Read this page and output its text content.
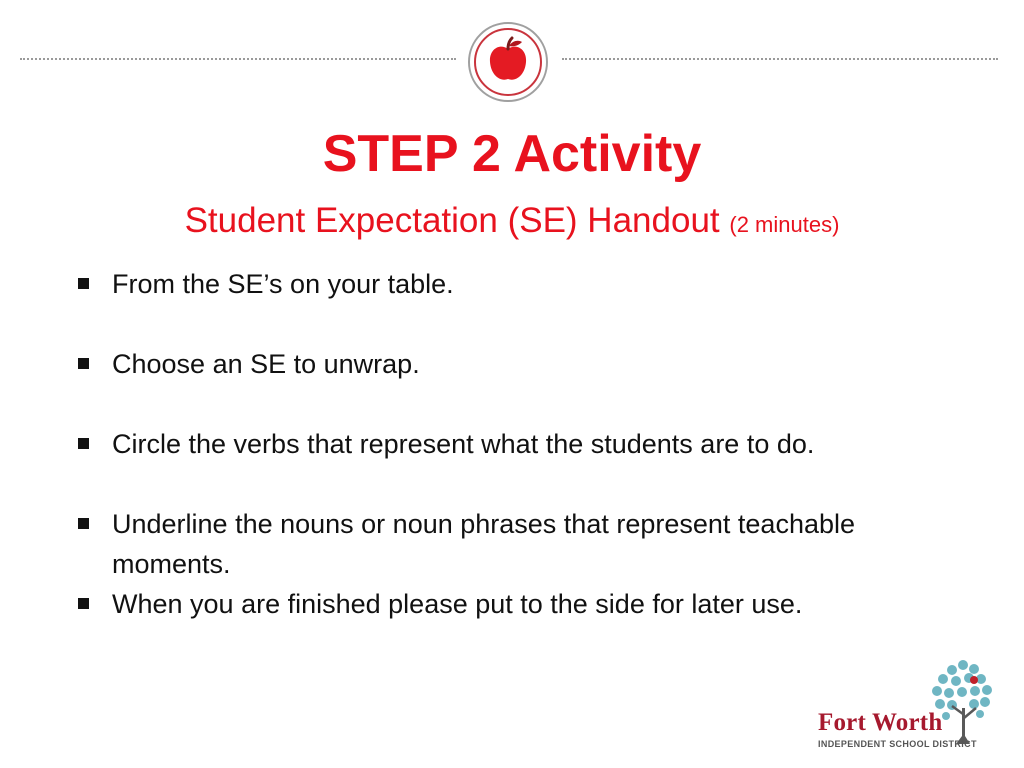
STEP 2 Activity
Student Expectation (SE) Handout (2 minutes)
From the SE’s on your table.
Choose an SE to unwrap.
Circle the verbs that represent what the students are to do.
Underline the nouns or noun phrases that represent teachable moments.
When you are finished please put to the side for later use.
Fort Worth
INDEPENDENT SCHOOL DISTRICT
